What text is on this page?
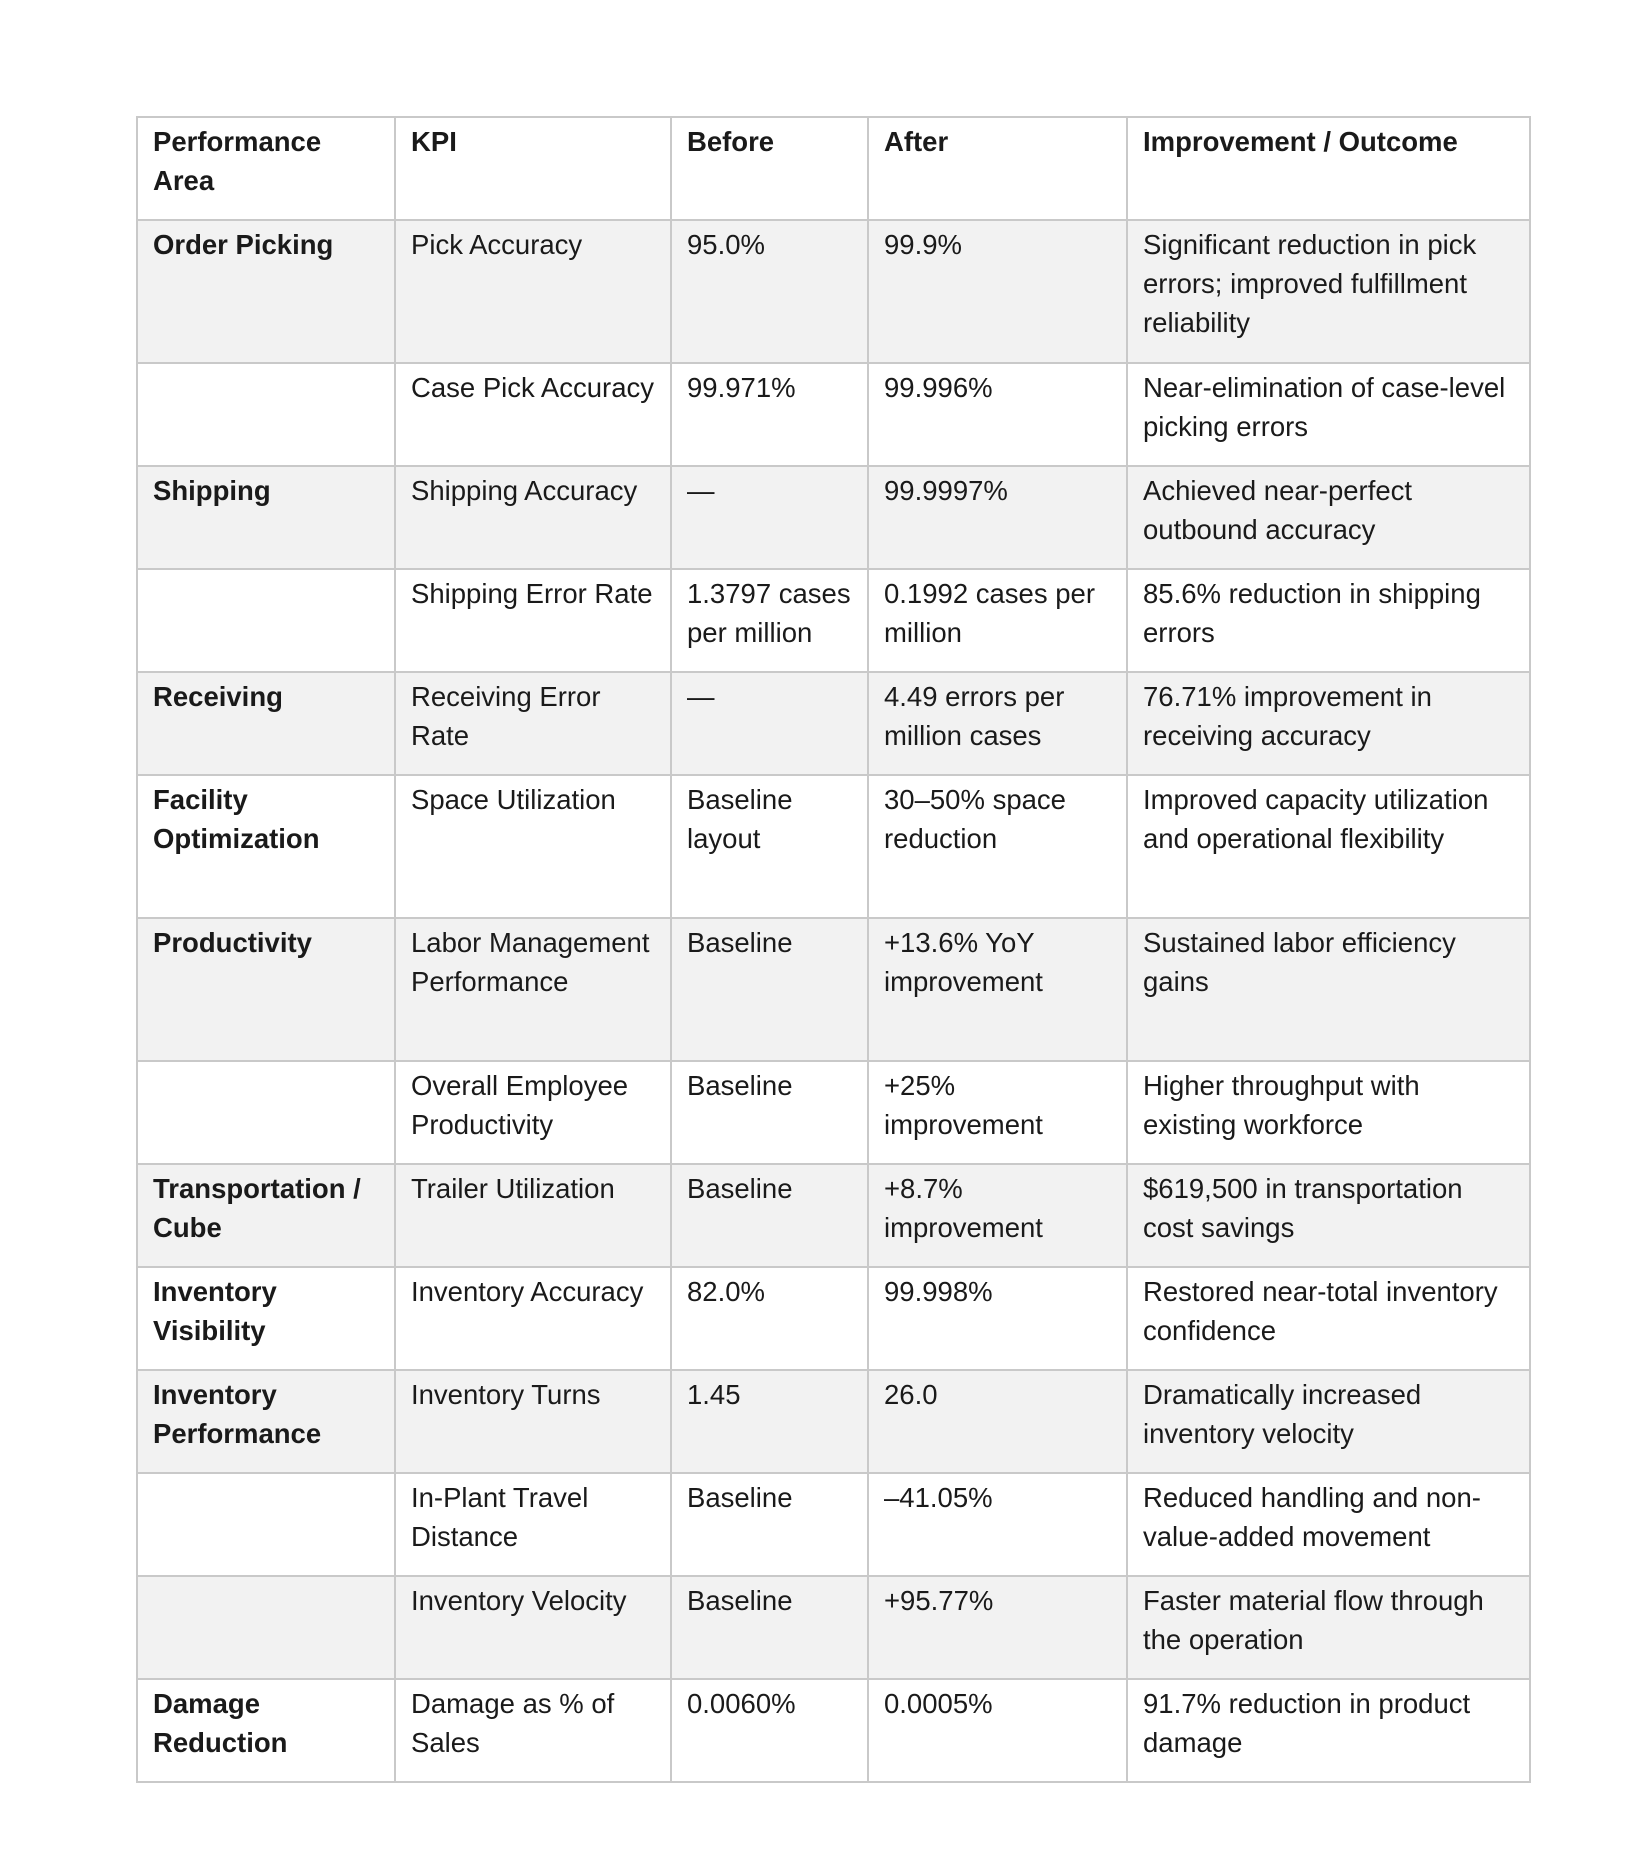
Performance Area	KPI	Before	After	Improvement / Outcome
Order Picking	Pick Accuracy	95.0%	99.9%	Significant reduction in pick errors; improved fulfillment reliability
	Case Pick Accuracy	99.971%	99.996%	Near-elimination of case-level picking errors
Shipping	Shipping Accuracy	—	99.9997%	Achieved near-perfect outbound accuracy
	Shipping Error Rate	1.3797 cases per million	0.1992 cases per million	85.6% reduction in shipping errors
Receiving	Receiving Error Rate	—	4.49 errors per million cases	76.71% improvement in receiving accuracy
Facility Optimization	Space Utilization	Baseline layout	30–50% space reduction	Improved capacity utilization and operational flexibility
Productivity	Labor Management Performance	Baseline	+13.6% YoY improvement	Sustained labor efficiency gains
	Overall Employee Productivity	Baseline	+25% improvement	Higher throughput with existing workforce
Transportation / Cube	Trailer Utilization	Baseline	+8.7% improvement	$619,500 in transportation cost savings
Inventory Visibility	Inventory Accuracy	82.0%	99.998%	Restored near-total inventory confidence
Inventory Performance	Inventory Turns	1.45	26.0	Dramatically increased inventory velocity
	In-Plant Travel Distance	Baseline	–41.05%	Reduced handling and non-value-added movement
	Inventory Velocity	Baseline	+95.77%	Faster material flow through the operation
Damage Reduction	Damage as % of Sales	0.0060%	0.0005%	91.7% reduction in product damage
